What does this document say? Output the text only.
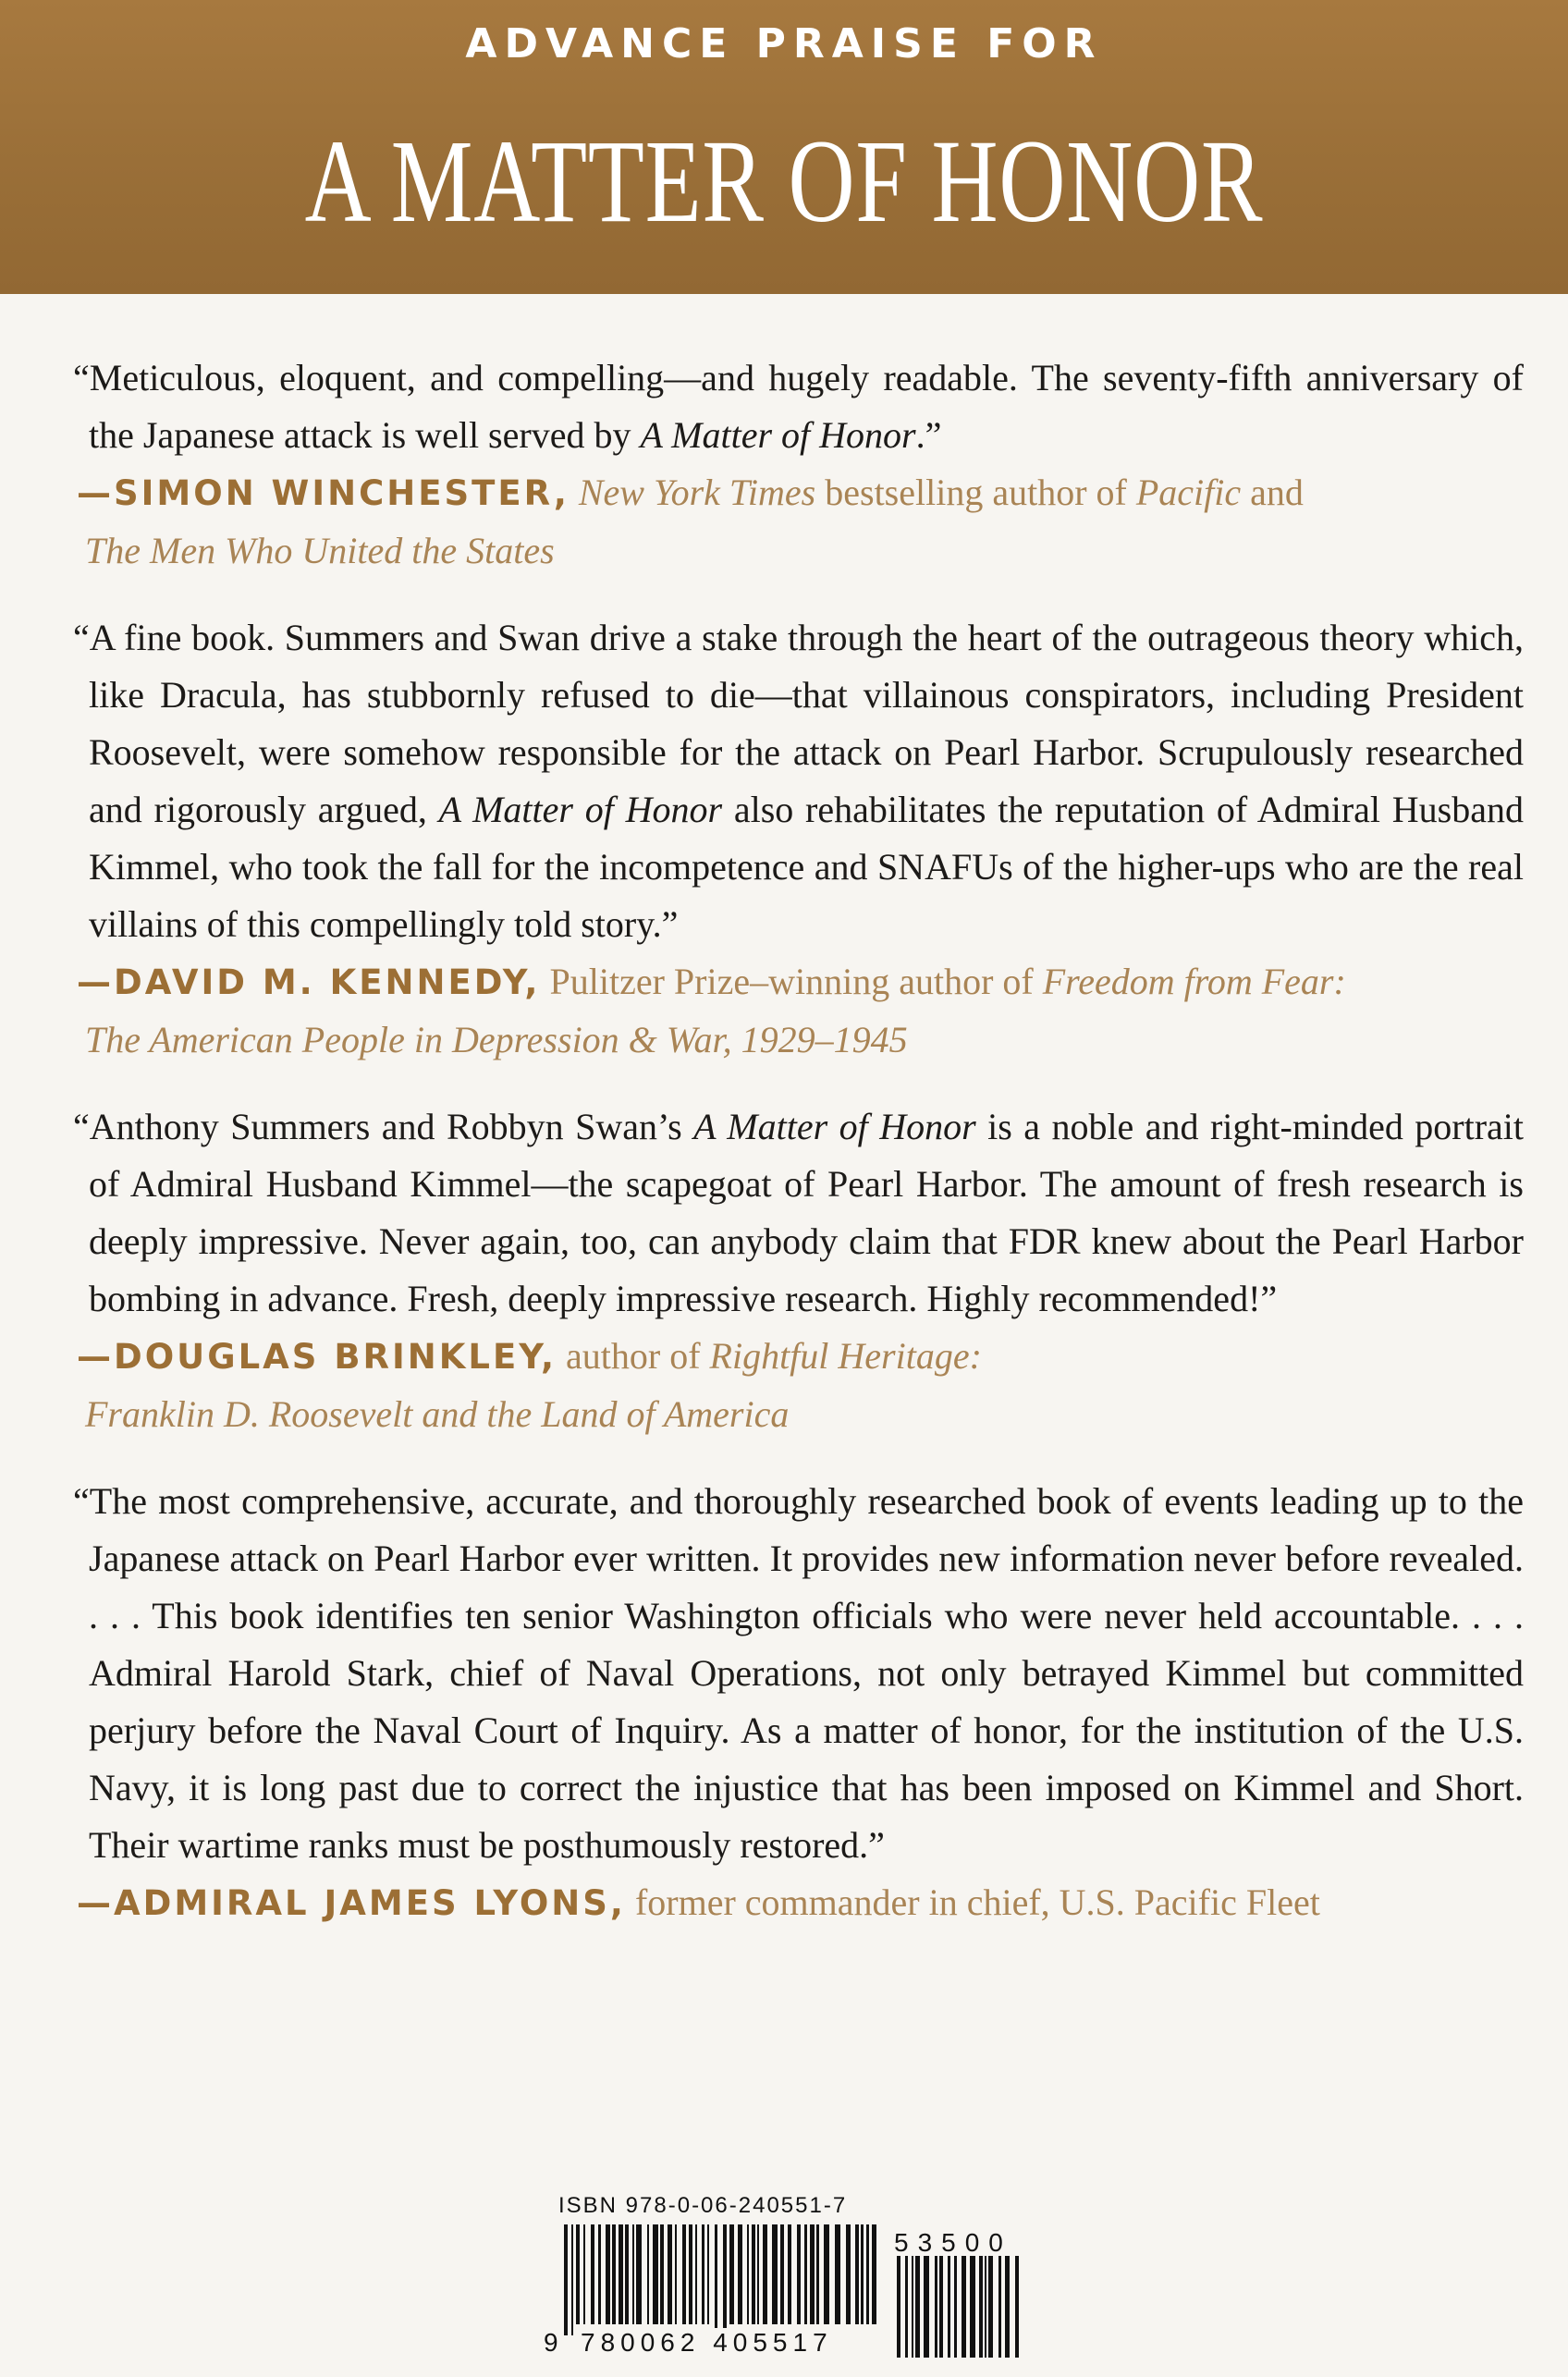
ADVANCE PRAISE FOR
A MATTER OF HONOR
“Meticulous, eloquent, and compelling—and hugely readable. The seventy-fifth anniversary of the Japanese attack is well served by A Matter of Honor.”
—SIMON WINCHESTER, New York Times bestselling author of Pacific and
The Men Who United the States
“A fine book. Summers and Swan drive a stake through the heart of the outrageous theory which, like Dracula, has stubbornly refused to die—that villainous conspirators, including President Roosevelt, were somehow responsible for the attack on Pearl Harbor. Scrupulously researched and rigorously argued, A Matter of Honor also rehabilitates the reputation of Admiral Husband Kimmel, who took the fall for the incompetence and SNAFUs of the higher-ups who are the real villains of this compellingly told story.”
—DAVID M. KENNEDY, Pulitzer Prize–winning author of Freedom from Fear:
The American People in Depression & War, 1929–1945
“Anthony Summers and Robbyn Swan’s A Matter of Honor is a noble and right-minded portrait of Admiral Husband Kimmel—the scapegoat of Pearl Harbor. The amount of fresh research is deeply impressive. Never again, too, can anybody claim that FDR knew about the Pearl Harbor bombing in advance. Fresh, deeply impressive research. Highly recommended!”
—DOUGLAS BRINKLEY, author of Rightful Heritage:
Franklin D. Roosevelt and the Land of America
“The most comprehensive, accurate, and thoroughly researched book of events leading up to the Japanese attack on Pearl Harbor ever written. It provides new information never before revealed. . . . This book identifies ten senior Washington officials who were never held accountable. . . . Admiral Harold Stark, chief of Naval Operations, not only betrayed Kimmel but committed perjury before the Naval Court of Inquiry. As a matter of honor, for the institution of the U.S. Navy, it is long past due to correct the injustice that has been imposed on Kimmel and Short. Their wartime ranks must be posthumously restored.”
—ADMIRAL JAMES LYONS, former commander in chief, U.S. Pacific Fleet
ISBN 978-0-06-240551-7
53500
9 780062 405517
